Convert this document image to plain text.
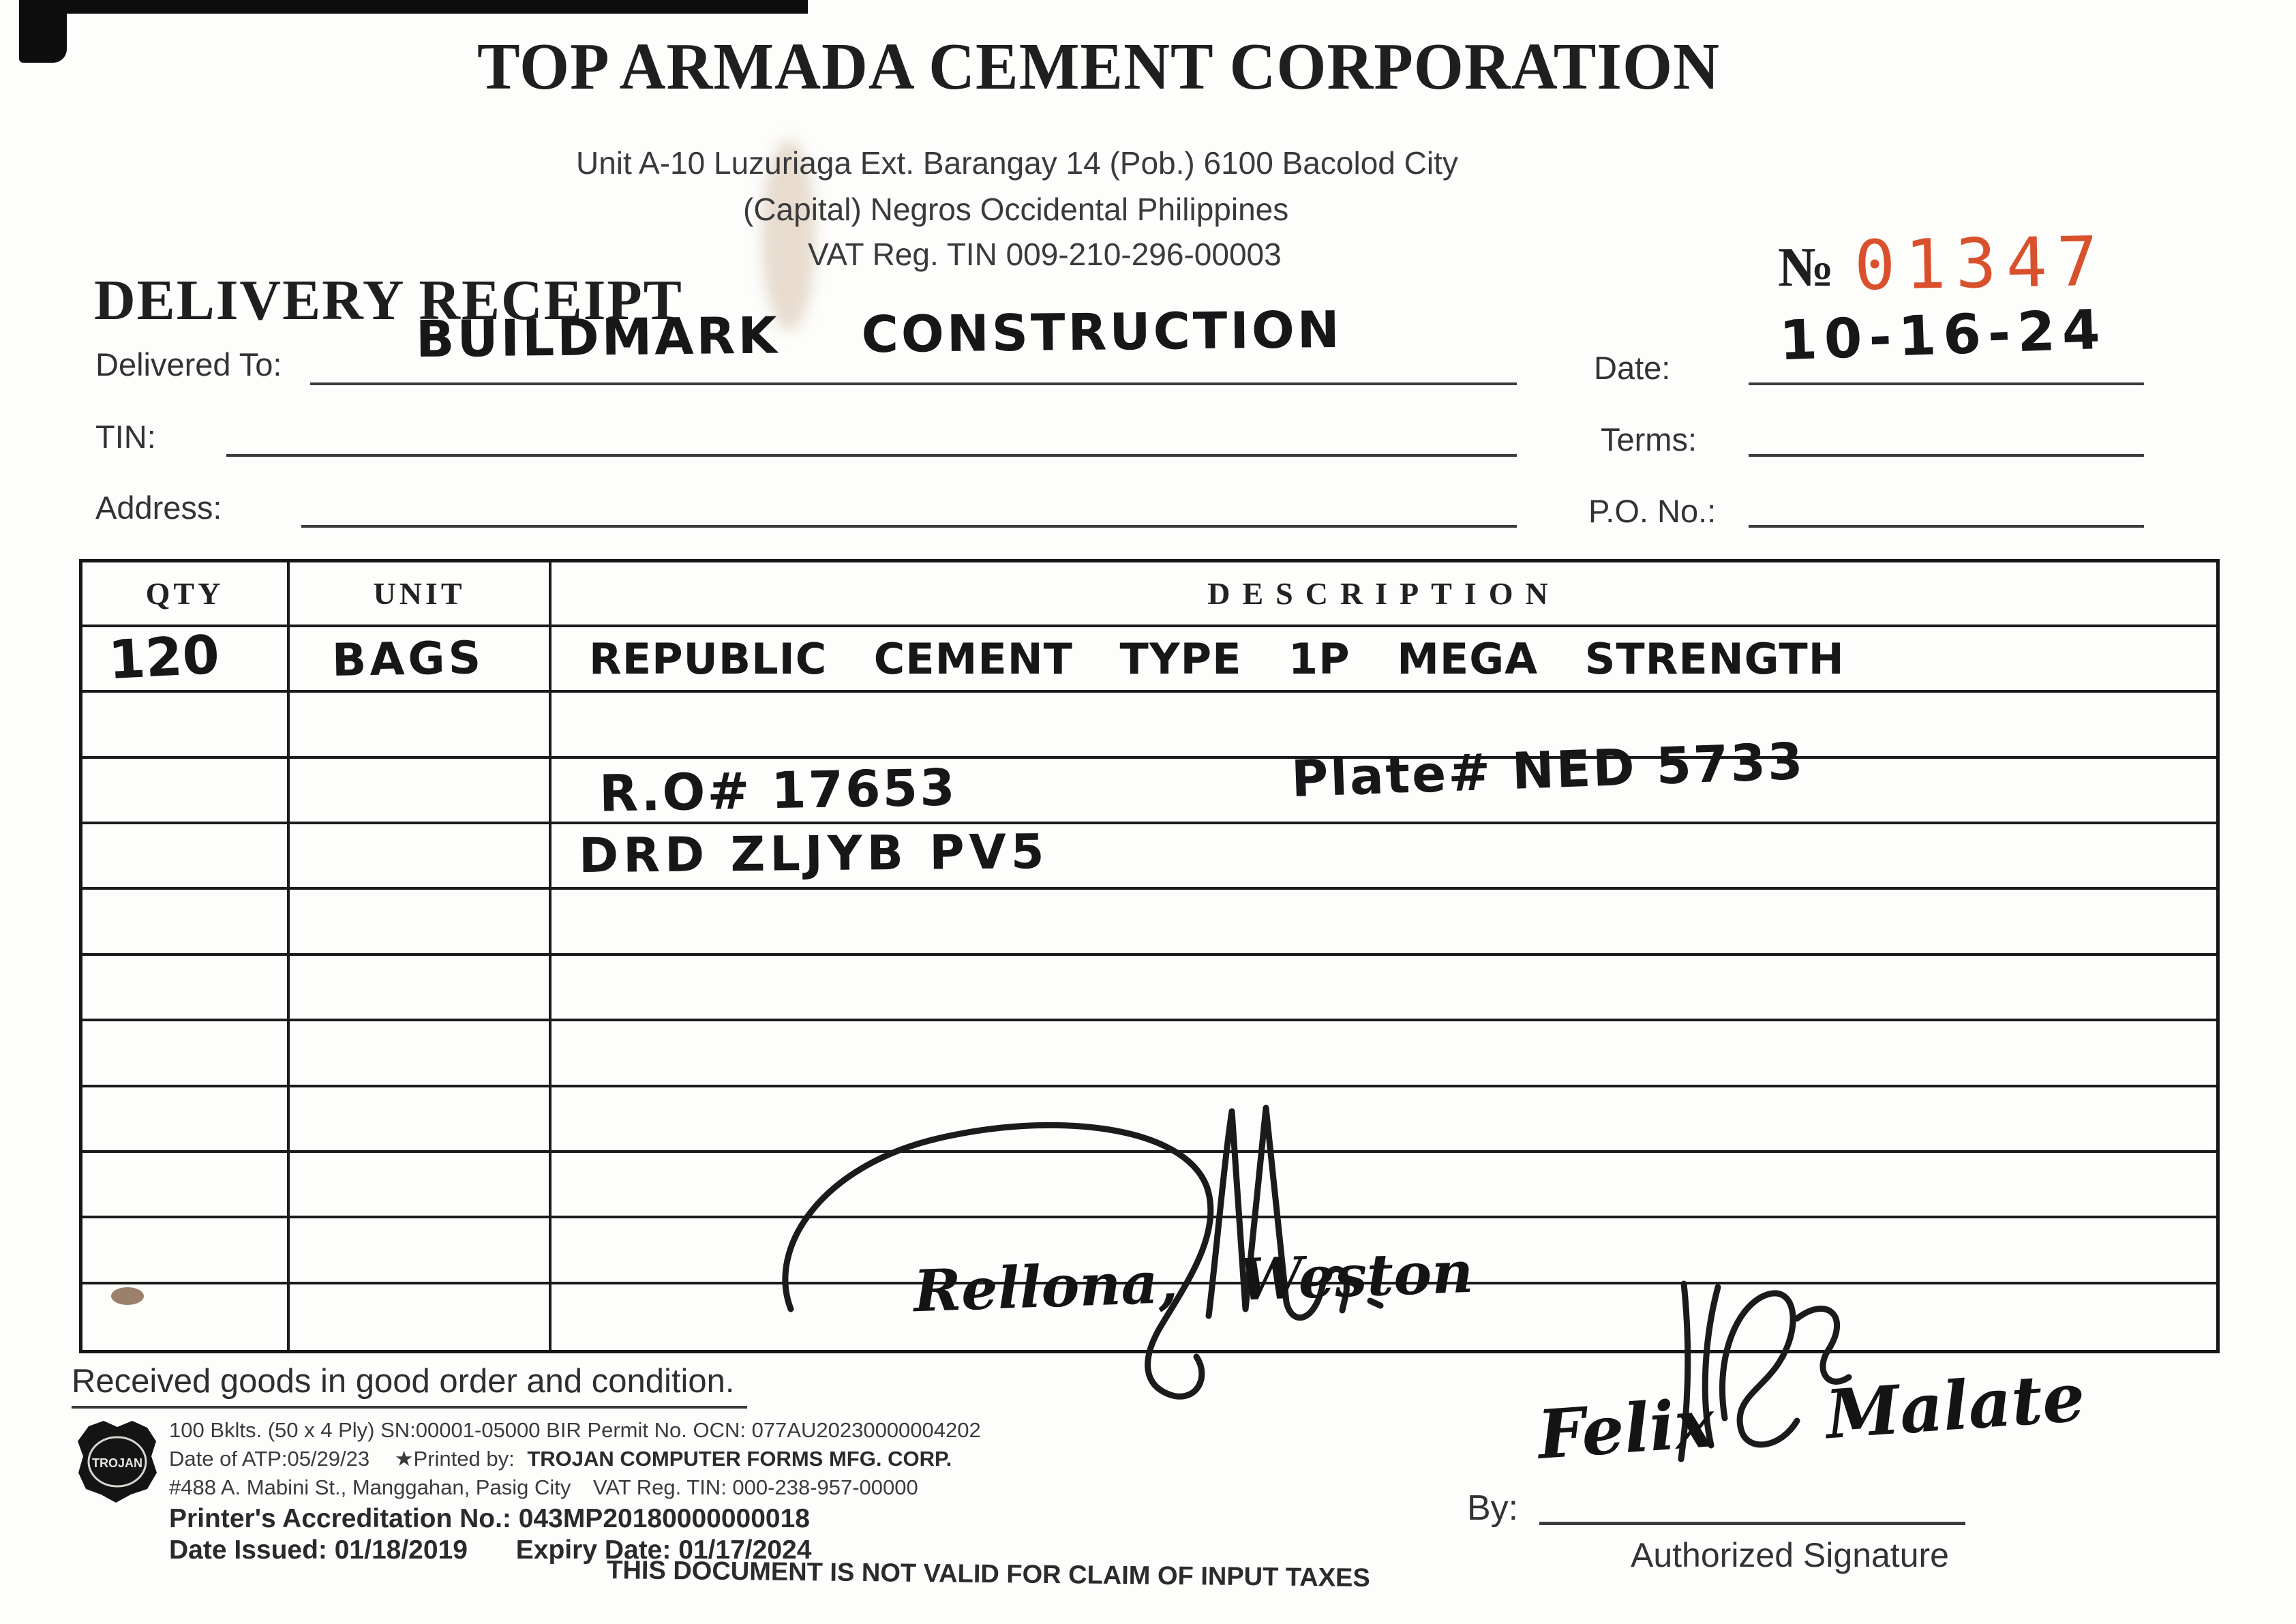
TOP ARMADA CEMENT CORPORATION
Unit A-10 Luzuriaga Ext. Barangay 14 (Pob.) 6100 Bacolod City
(Capital) Negros Occidental Philippines
VAT Reg. TIN 009-210-296-00003	№ 01347
DELIVERY RECEIPT
Delivered To:	BUILDMARK CONSTRUCTION	Date: 10-16-24
TIN:	Terms:
Address:	P.O. No.:
QTY	UNIT	DESCRIPTION
120 BAGS REPUBLIC CEMENT TYPE 1P MEGA STRENGTH
R.O# 17653	Plate# NED 5733
DRD ZLJYB PV5
Rellona, Weston
Received goods in good order and condition.
TROJAN
100 Bklts. (50 x 4 Ply) SN:00001-05000 BIR Permit No. OCN: 077AU20230000004202
Date of ATP:05/29/23 ★Printed by: TROJAN COMPUTER FORMS MFG. CORP.
#488 A. Mabini St., Manggahan, Pasig City VAT Reg. TIN: 000-238-957-00000
Printer's Accreditation No.: 043MP20180000000018
Date Issued: 01/18/2019 Expiry Date: 01/17/2024
Felix Malate
By:
Authorized Signature
THIS DOCUMENT IS NOT VALID FOR CLAIM OF INPUT TAXES
